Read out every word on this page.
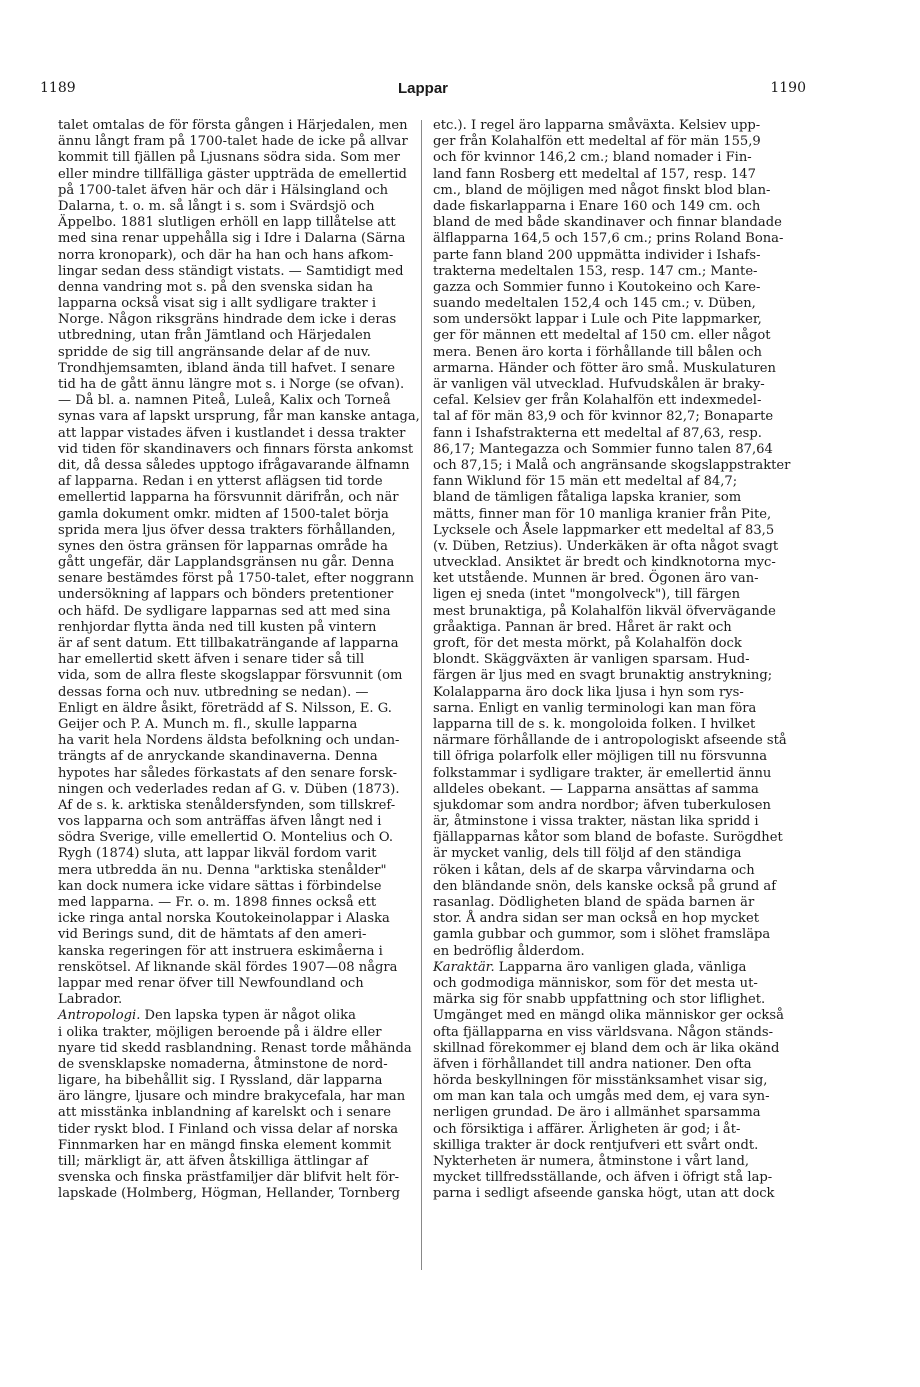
1189	Lappar	1190
talet omtalas de för första gången i Härjedalen, men
ännu långt fram på 1700-talet hade de icke på allvar
kommit till fjällen på Ljusnans södra sida. Som mer
eller mindre tillfälliga gäster uppträda de emellertid
på 1700-talet äfven här och där i Hälsingland och
Dalarna, t. o. m. så långt i s. som i Svärdsjö och
Äppelbo. 1881 slutligen erhöll en lapp tillåtelse att
med sina renar uppehålla sig i Idre i Dalarna (Särna
norra kronopark), och där ha han och hans afkom-
lingar sedan dess ständigt vistats. — Samtidigt med
denna vandring mot s. på den svenska sidan ha
lapparna också visat sig i allt sydligare trakter i
Norge. Någon riksgräns hindrade dem icke i deras
utbredning, utan från Jämtland och Härjedalen
spridde de sig till angränsande delar af de nuv.
Trondhjemsamten, ibland ända till hafvet. I senare
tid ha de gått ännu längre mot s. i Norge (se ofvan).
— Då bl. a. namnen Piteå, Luleå, Kalix och Torneå
synas vara af lapskt ursprung, får man kanske antaga,
att lappar vistades äfven i kustlandet i dessa trakter
vid tiden för skandinavers och finnars första ankomst
dit, då dessa således upptogo ifrågavarande älfnamn
af lapparna. Redan i en ytterst aflägsen tid torde
emellertid lapparna ha försvunnit därifrån, och när
gamla dokument omkr. midten af 1500-talet börja
sprida mera ljus öfver dessa trakters förhållanden,
synes den östra gränsen för lapparnas område ha
gått ungefär, där Lapplandsgränsen nu går. Denna
senare bestämdes först på 1750-talet, efter noggrann
undersökning af lappars och bönders pretentioner
och häfd. De sydligare lapparnas sed att med sina
renhjordar flytta ända ned till kusten på vintern
är af sent datum. Ett tillbakaträngande af lapparna
har emellertid skett äfven i senare tider så till
vida, som de allra fleste skogslappar försvunnit (om
dessas forna och nuv. utbredning se nedan). —
Enligt en äldre åsikt, företrädd af S. Nilsson, E. G.
Geijer och P. A. Munch m. fl., skulle lapparna
ha varit hela Nordens äldsta befolkning och undan-
trängts af de anryckande skandinaverna. Denna
hypotes har således förkastats af den senare forsk-
ningen och vederlades redan af G. v. Düben (1873).
Af de s. k. arktiska stenåldersfynden, som tillskref-
vos lapparna och som anträffas äfven långt ned i
södra Sverige, ville emellertid O. Montelius och O.
Rygh (1874) sluta, att lappar likväl fordom varit
mera utbredda än nu. Denna "arktiska stenålder"
kan dock numera icke vidare sättas i förbindelse
med lapparna. — Fr. o. m. 1898 finnes också ett
icke ringa antal norska Koutokeinolappar i Alaska
vid Berings sund, dit de hämtats af den ameri-
kanska regeringen för att instruera eskimåerna i
renskötsel. Af liknande skäl fördes 1907—08 några
lappar med renar öfver till Newfoundland och
Labrador.
Antropologi. Den lapska typen är något olika
i olika trakter, möjligen beroende på i äldre eller
nyare tid skedd rasblandning. Renast torde måhända
de svensklapske nomaderna, åtminstone de nord-
ligare, ha bibehållit sig. I Ryssland, där lapparna
äro längre, ljusare och mindre brakycefala, har man
att misstänka inblandning af karelskt och i senare
tider ryskt blod. I Finland och vissa delar af norska
Finnmarken har en mängd finska element kommit
till; märkligt är, att äfven åtskilliga ättlingar af
svenska och finska prästfamiljer där blifvit helt för-
lapskade (Holmberg, Högman, Hellander, Tornberg
etc.). I regel äro lapparna småväxta. Kelsiev upp-
ger från Kolahalfön ett medeltal af för män 155,9
och för kvinnor 146,2 cm.; bland nomader i Fin-
land fann Rosberg ett medeltal af 157, resp. 147
cm., bland de möjligen med något finskt blod blan-
dade fiskarlapparna i Enare 160 och 149 cm. och
bland de med både skandinaver och finnar blandade
älflapparna 164,5 och 157,6 cm.; prins Roland Bona-
parte fann bland 200 uppmätta individer i Ishafs-
trakterna medeltalen 153, resp. 147 cm.; Mante-
gazza och Sommier funno i Koutokeino och Kare-
suando medeltalen 152,4 och 145 cm.; v. Düben,
som undersökt lappar i Lule och Pite lappmarker,
ger för männen ett medeltal af 150 cm. eller något
mera. Benen äro korta i förhållande till bålen och
armarna. Händer och fötter äro små. Muskulaturen
är vanligen väl utvecklad. Hufvudskålen är braky-
cefal. Kelsiev ger från Kolahalfön ett indexmedel-
tal af för män 83,9 och för kvinnor 82,7; Bonaparte
fann i Ishafstrakterna ett medeltal af 87,63, resp.
86,17; Mantegazza och Sommier funno talen 87,64
och 87,15; i Malå och angränsande skogslappstrakter
fann Wiklund för 15 män ett medeltal af 84,7;
bland de tämligen fåtaliga lapska kranier, som
mätts, finner man för 10 manliga kranier från Pite,
Lycksele och Åsele lappmarker ett medeltal af 83,5
(v. Düben, Retzius). Underkäken är ofta något svagt
utvecklad. Ansiktet är bredt och kindknotorna myc-
ket utstående. Munnen är bred. Ögonen äro van-
ligen ej sneda (intet "mongolveck"), till färgen
mest brunaktiga, på Kolahalfön likväl öfvervägande
gråaktiga. Pannan är bred. Håret är rakt och
groft, för det mesta mörkt, på Kolahalfön dock
blondt. Skäggväxten är vanligen sparsam. Hud-
färgen är ljus med en svagt brunaktig anstrykning;
Kolalapparna äro dock lika ljusa i hyn som rys-
sarna. Enligt en vanlig terminologi kan man föra
lapparna till de s. k. mongoloida folken. I hvilket
närmare förhållande de i antropologiskt afseende stå
till öfriga polarfolk eller möjligen till nu försvunna
folkstammar i sydligare trakter, är emellertid ännu
alldeles obekant. — Lapparna ansättas af samma
sjukdomar som andra nordbor; äfven tuberkulosen
är, åtminstone i vissa trakter, nästan lika spridd i
fjällapparnas kåtor som bland de bofaste. Surögdhet
är mycket vanlig, dels till följd af den ständiga
röken i kåtan, dels af de skarpa vårvindarna och
den bländande snön, dels kanske också på grund af
rasanlag. Dödligheten bland de späda barnen är
stor. Å andra sidan ser man också en hop mycket
gamla gubbar och gummor, som i slöhet framsläpa
en bedröflig ålderdom.
Karaktär. Lapparna äro vanligen glada, vänliga
och godmodiga människor, som för det mesta ut-
märka sig för snabb uppfattning och stor liflighet.
Umgänget med en mängd olika människor ger också
ofta fjällapparna en viss världsvana. Någon ständs-
skillnad förekommer ej bland dem och är lika okänd
äfven i förhållandet till andra nationer. Den ofta
hörda beskyllningen för misstänksamhet visar sig,
om man kan tala och umgås med dem, ej vara syn-
nerligen grundad. De äro i allmänhet sparsamma
och försiktiga i affärer. Ärligheten är god; i åt-
skilliga trakter är dock rentjufveri ett svårt ondt.
Nykterheten är numera, åtminstone i vårt land,
mycket tillfredsställande, och äfven i öfrigt stå lap-
parna i sedligt afseende ganska högt, utan att dock
